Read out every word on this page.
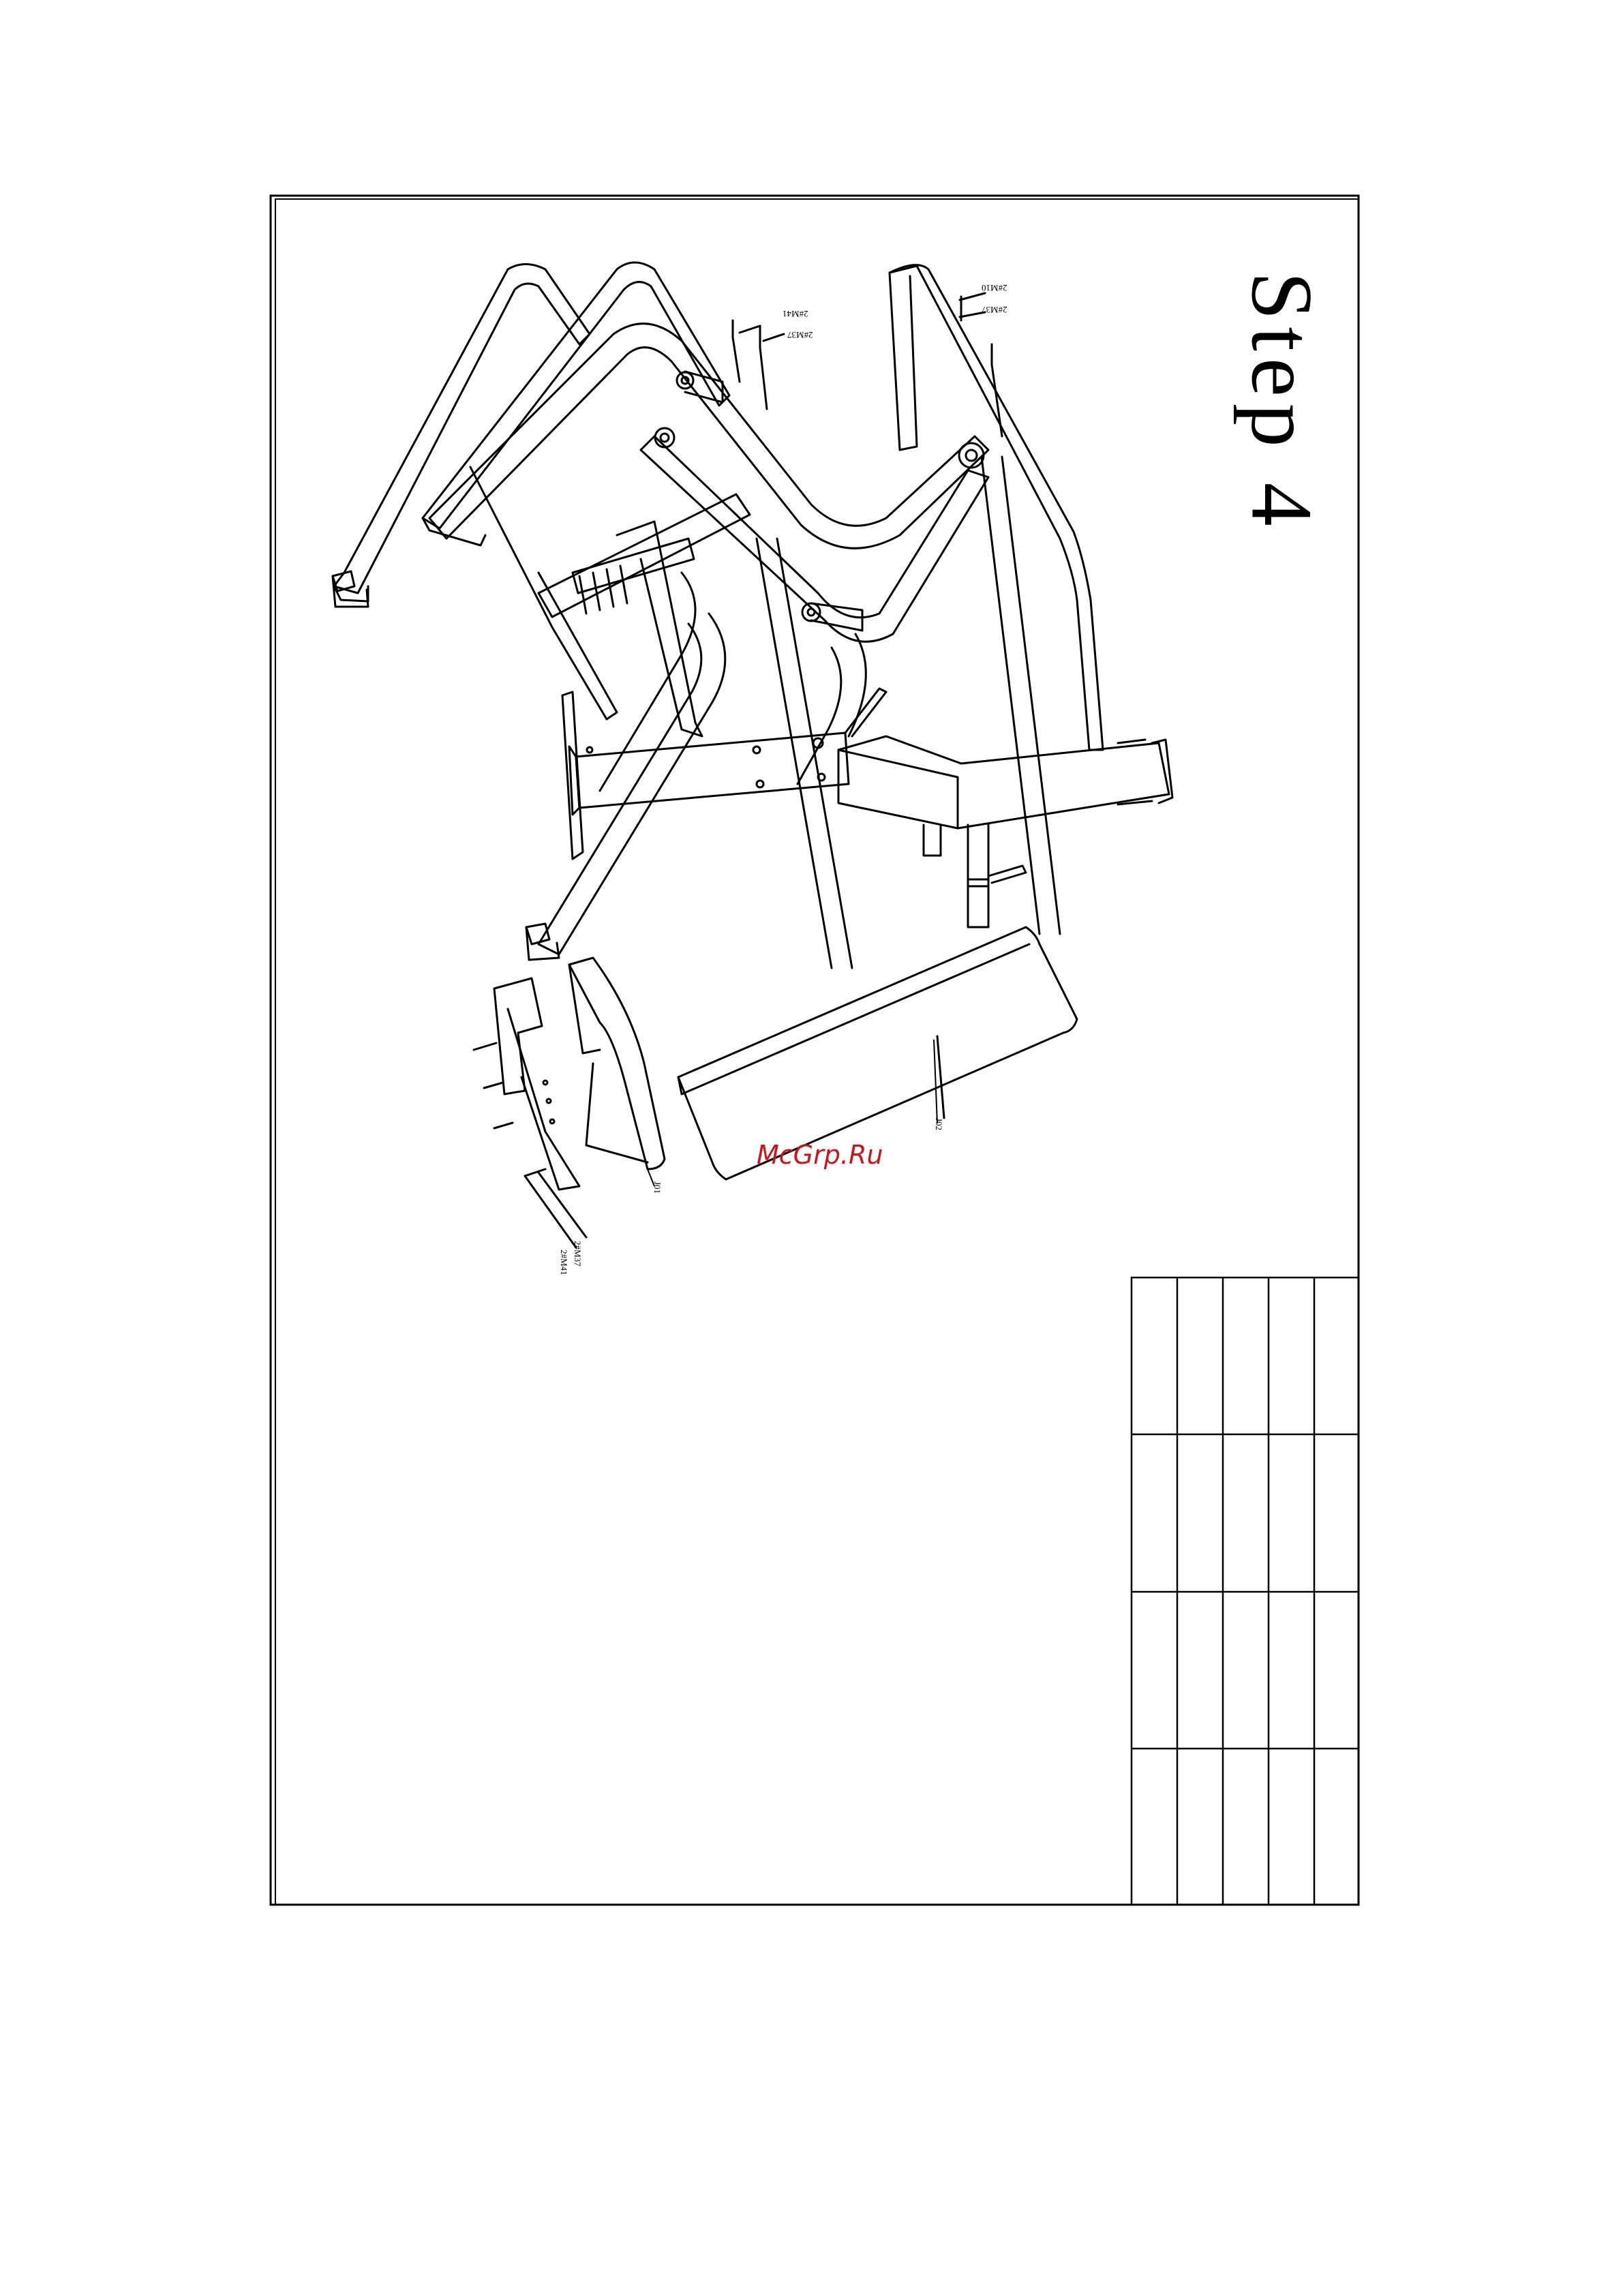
Step 4
2#M10
2#M37
2#M41
2#M37
J02
J01
2#M37
2#M41
McGrp.Ru
